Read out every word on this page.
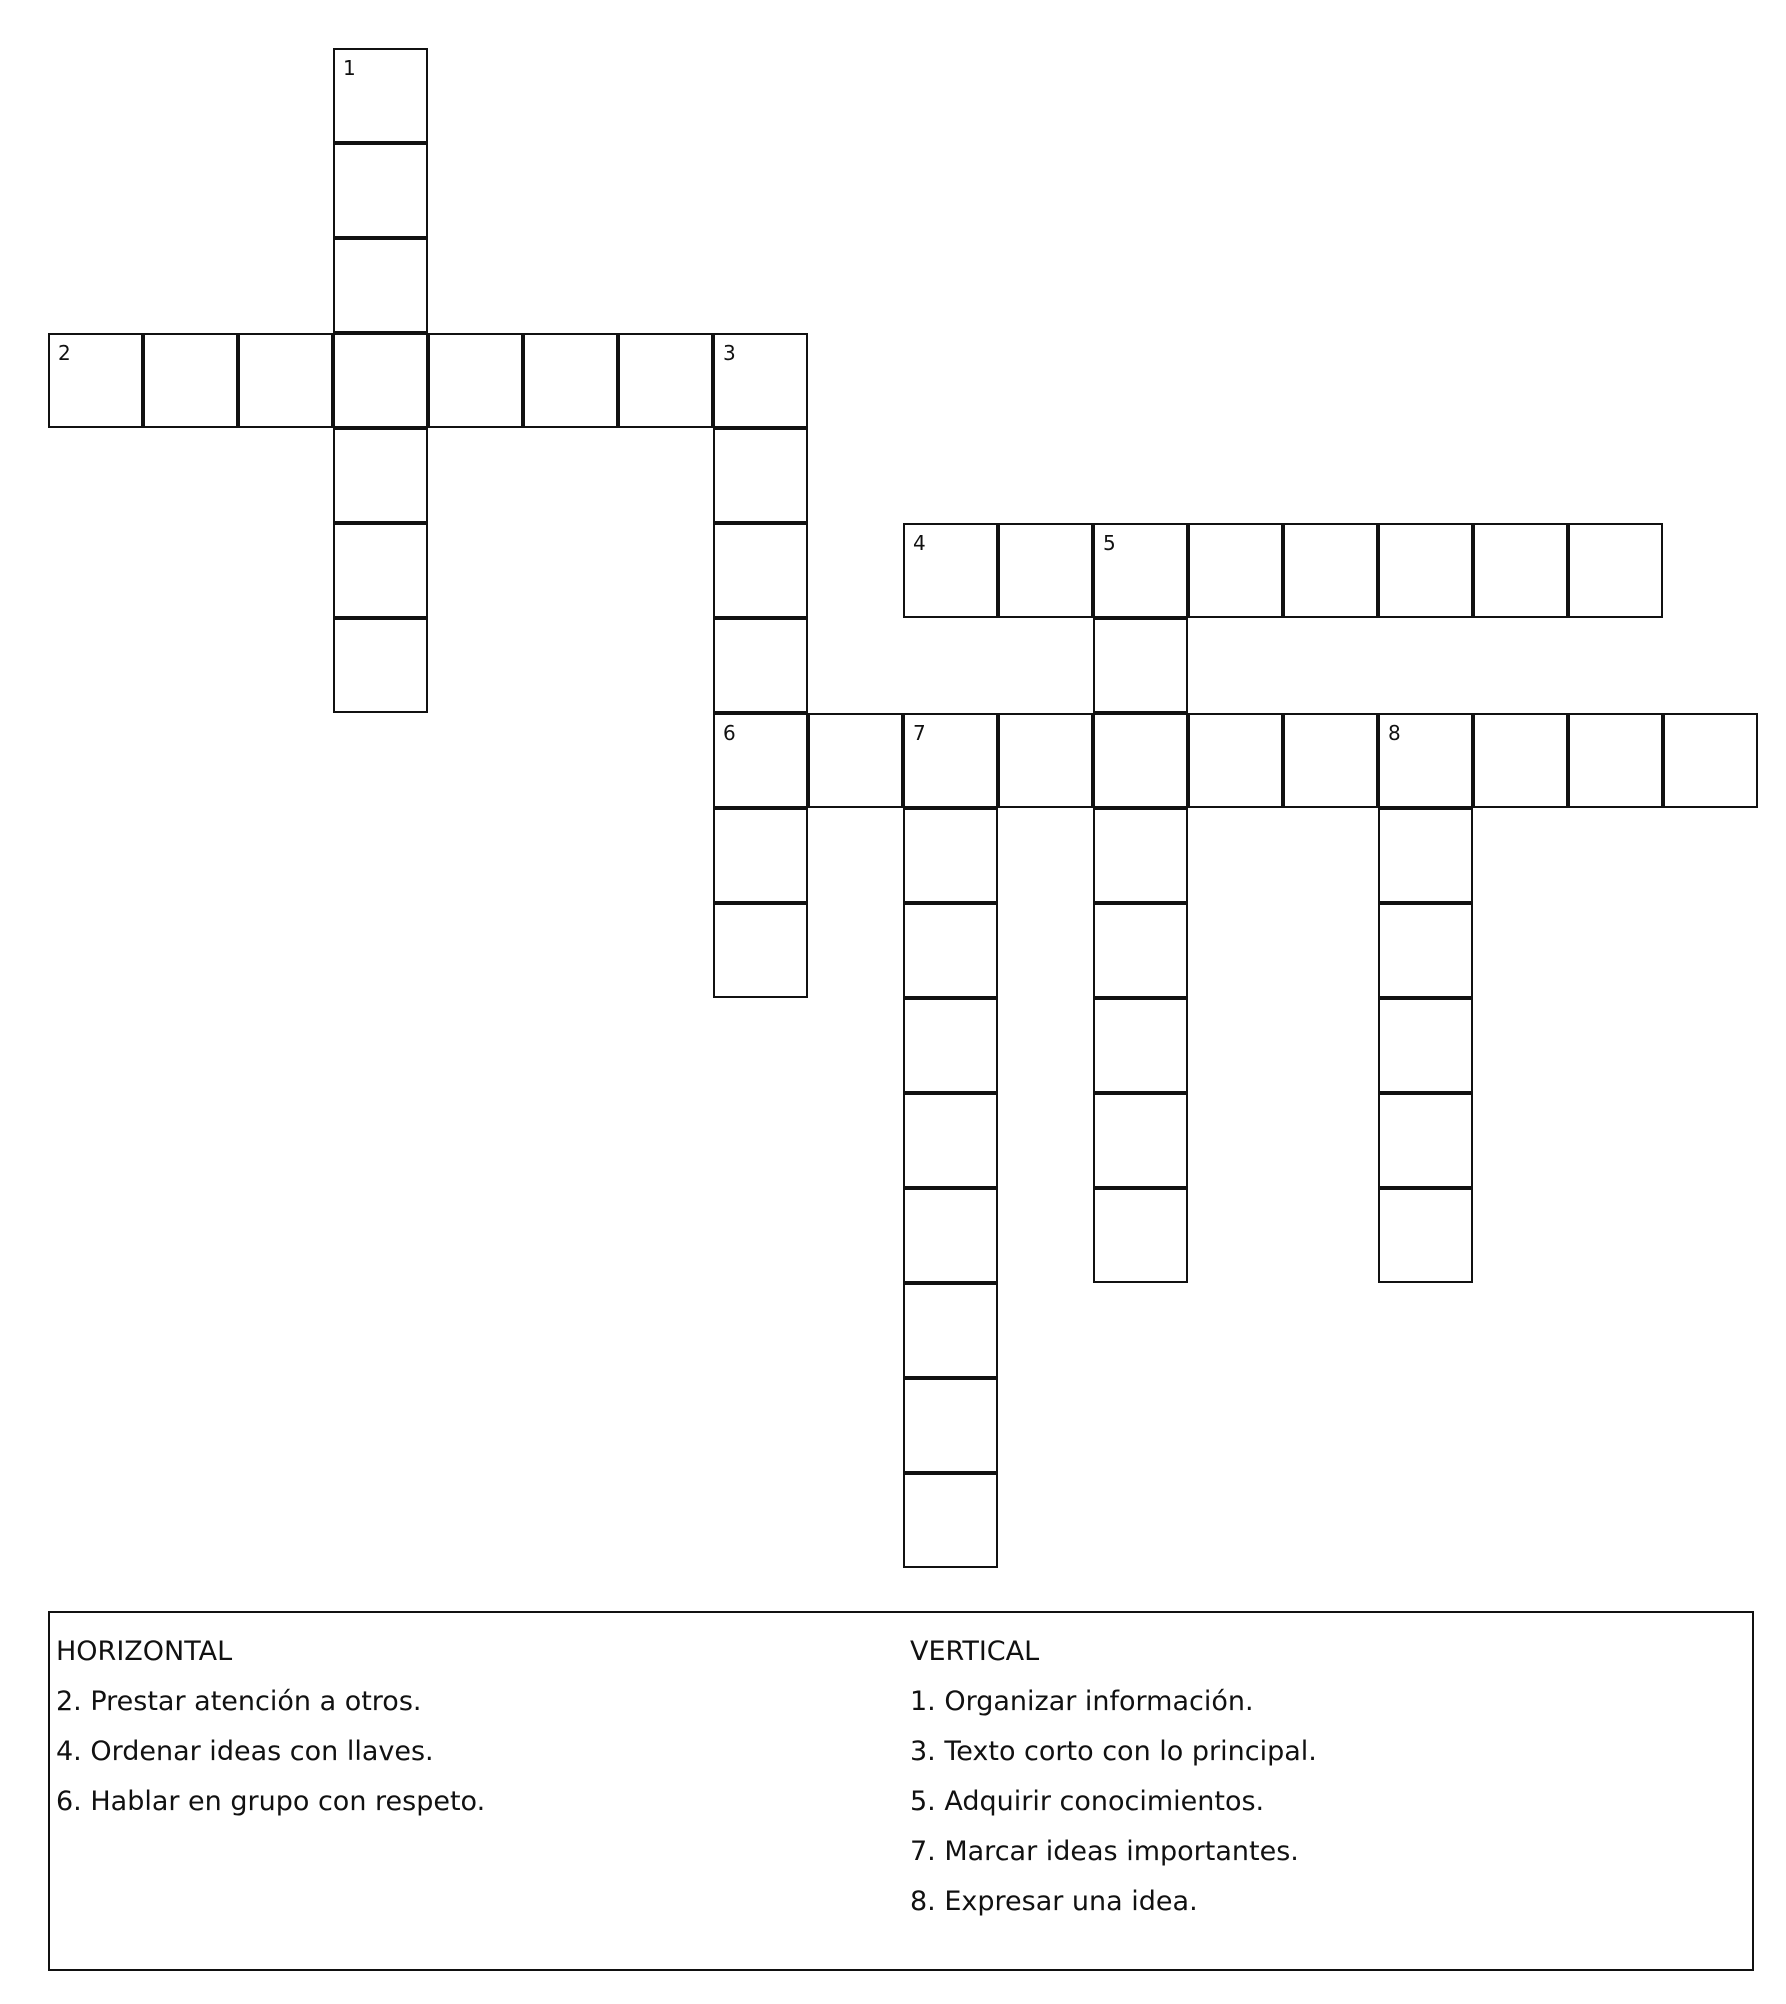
1
2	3
6
4	5
7	8
HORIZONTAL
2. Prestar atención a otros.
4. Ordenar ideas con llaves.
6. Hablar en grupo con respeto.
VERTICAL
1. Organizar información.
3. Texto corto con lo principal.
5. Adquirir conocimientos.
7. Marcar ideas importantes.
8. Expresar una idea.
